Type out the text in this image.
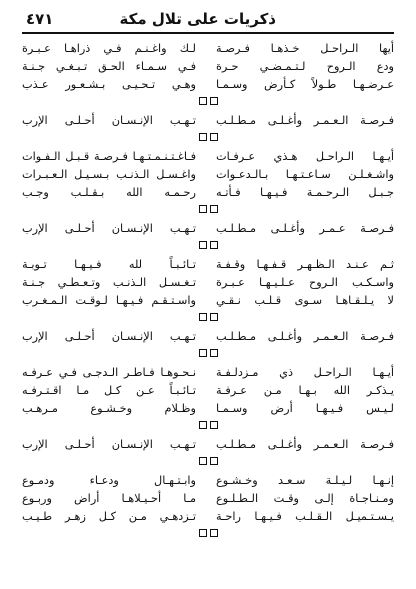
ذكريات على تلال مكة
٤٧١
أيها الـراحـل خـذهـا فـرصـة
لـك واغـنـم فـي ذراهـا عـبـرة
ودع الـروح لـتـمـضـي حـرة
فـي سـمـاء الحـق تـبـغـي جـنـة
عـرضـهـا طـولاً كـأرض وسـمـا
وهـي تـحـيـى بـشـعـور عـذب
فـرصـة الـعـمـر وأغـلـى مـطـلـب
تـهـب الإنـسـان أحـلـى الإرب
أيـهـا الـراحـل هـذي عـرفـات
فـاغـتـنـمـتـهـا فـرصـة قـبـل الـفـوات
واشـغـلـن سـاعـتـهـا بـالـدعـوات
واغـسـل الـذنـب بـسـيـل الـعـبـرات
جـبـل الـرحـمـة فـيـهـا فـأتـه
رحـمـه الله بـقـلـب وجـب
فـرصـة عـمـر وأغـلـى مـطـلـب
تـهـب الإنـسـان أحـلـى الإرب
ثـم عـنـد الـظـهـر قـفـهـا وقـفـة
تـائـبـاً لله فـيـهـا تـوبـة
واسـكـب الـروح عـلـيـهـا عـبـرة
تـغـسـل الـذنـب وتـعـطـي جـنـة
لا يـلـقـاهـا سـوى قـلـب نـقـي
واسـتـقـم فـيـهـا لـوقـت الـمـغـرب
فـرصـة الـعـمـر وأغـلـى مـطـلـب
تـهـب الإنـسـان أحـلـى الإرب
أيـهـا الـراحـل ذي مـزدلـفـة
نـحـوهـا فـاطـر الـدجـى فـي عـرفـه
يـذكـر الله بـهـا مـن عـرفـة
تـائـبـاً عـن كـل مـا اقـتـرفـه
لـيـس فـيـهـا أرض وسـمـا
وظـلام وخـشـوع مـرهـب
فـرصـة الـعـمـر وأغـلـى مـطـلـب
تـهـب الإنـسـان أحـلـى الإرب
إنـهـا لـيـلـة سـعـد وخـشـوع
وابـتـهـال ودعـاء ودمـوع
ومـنـاجـاة إلـى وقـت الـطـلـوع
مـا أحـيـلاهـا أراض وربـوع
يـسـتـميـل الـقـلـب فـيـهـا راحـة
تـزدهـي مـن كـل زهـر طـيـب
